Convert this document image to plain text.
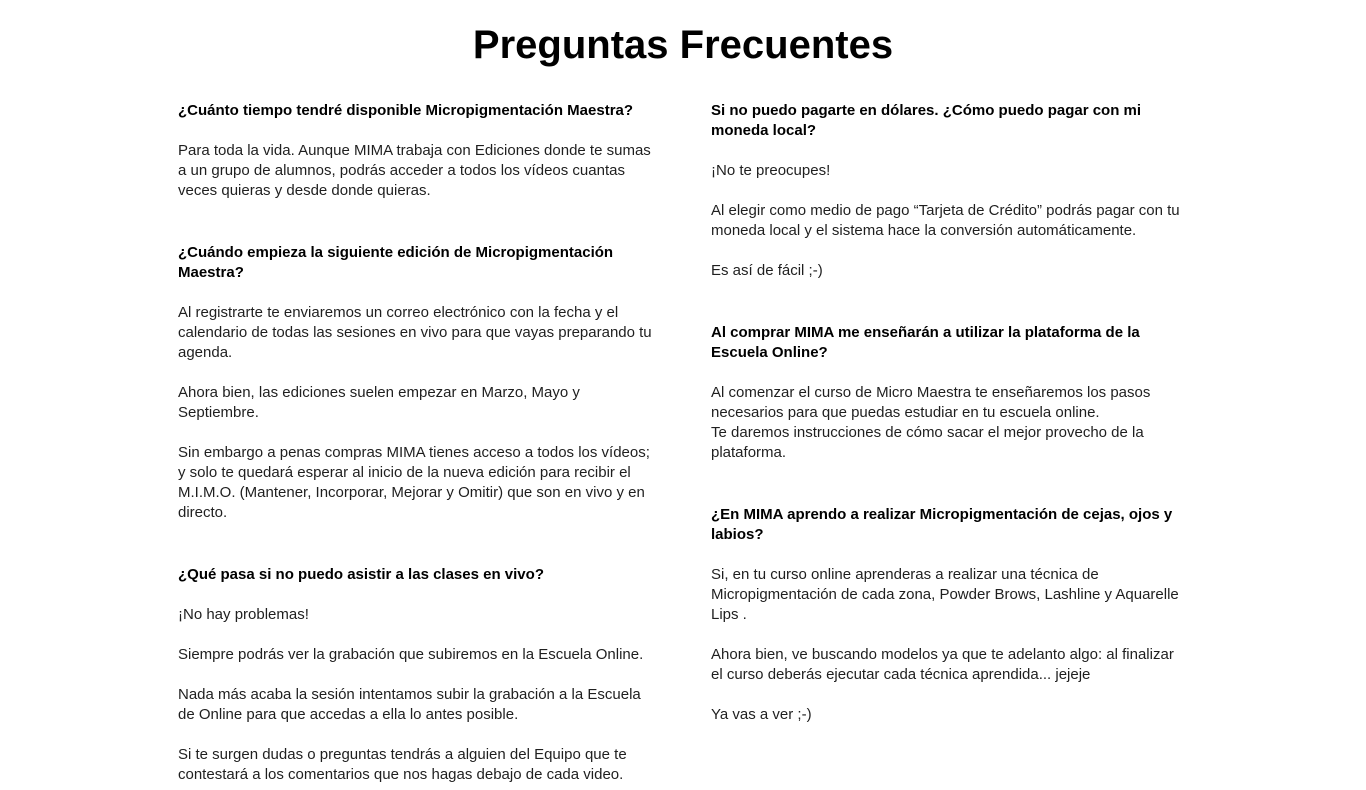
Preguntas Frecuentes
¿Cuánto tiempo tendré disponible Micropigmentación Maestra?

Para toda la vida. Aunque MIMA trabaja con Ediciones donde te sumas a un grupo de alumnos, podrás acceder a todos los vídeos cuantas veces quieras y desde donde quieras.

¿Cuándo empieza la siguiente edición de Micropigmentación Maestra?

Al registrarte te enviaremos un correo electrónico con la fecha y el calendario de todas las sesiones en vivo para que vayas preparando tu agenda.

Ahora bien, las ediciones suelen empezar en Marzo, Mayo y Septiembre.

Sin embargo a penas compras MIMA tienes acceso a todos los vídeos; y solo te quedará esperar al inicio de la nueva edición para recibir el M.I.M.O. (Mantener, Incorporar, Mejorar y Omitir) que son en vivo y en directo.

¿Qué pasa si no puedo asistir a las clases en vivo?

¡No hay problemas!

Siempre podrás ver la grabación que subiremos en la Escuela Online.

Nada más acaba la sesión intentamos subir la grabación a la Escuela de Online para que accedas a ella lo antes posible.

Si te surgen dudas o preguntas tendrás a alguien del Equipo que te contestará a los comentarios que nos hagas debajo de cada video.

Si no puedo pagarte en dólares. ¿Cómo puedo pagar con mi moneda local?

¡No te preocupes!

Al elegir como medio de pago “Tarjeta de Crédito” podrás pagar con tu moneda local y el sistema hace la conversión automáticamente.

Es así de fácil ;-)

Al comprar MIMA me enseñarán a utilizar la plataforma de la Escuela Online?

Al comenzar el curso de Micro Maestra te enseñaremos los pasos necesarios para que puedas estudiar en tu escuela online.
Te daremos instrucciones de cómo sacar el mejor provecho de la plataforma.

¿En MIMA aprendo a realizar Micropigmentación de cejas, ojos y labios?

Si, en tu curso online aprenderas a realizar una técnica de Micropigmentación de cada zona, Powder Brows, Lashline y Aquarelle Lips .

Ahora bien, ve buscando modelos ya que te adelanto algo: al finalizar el curso deberás ejecutar cada técnica aprendida... jejeje

Ya vas a ver ;-)
